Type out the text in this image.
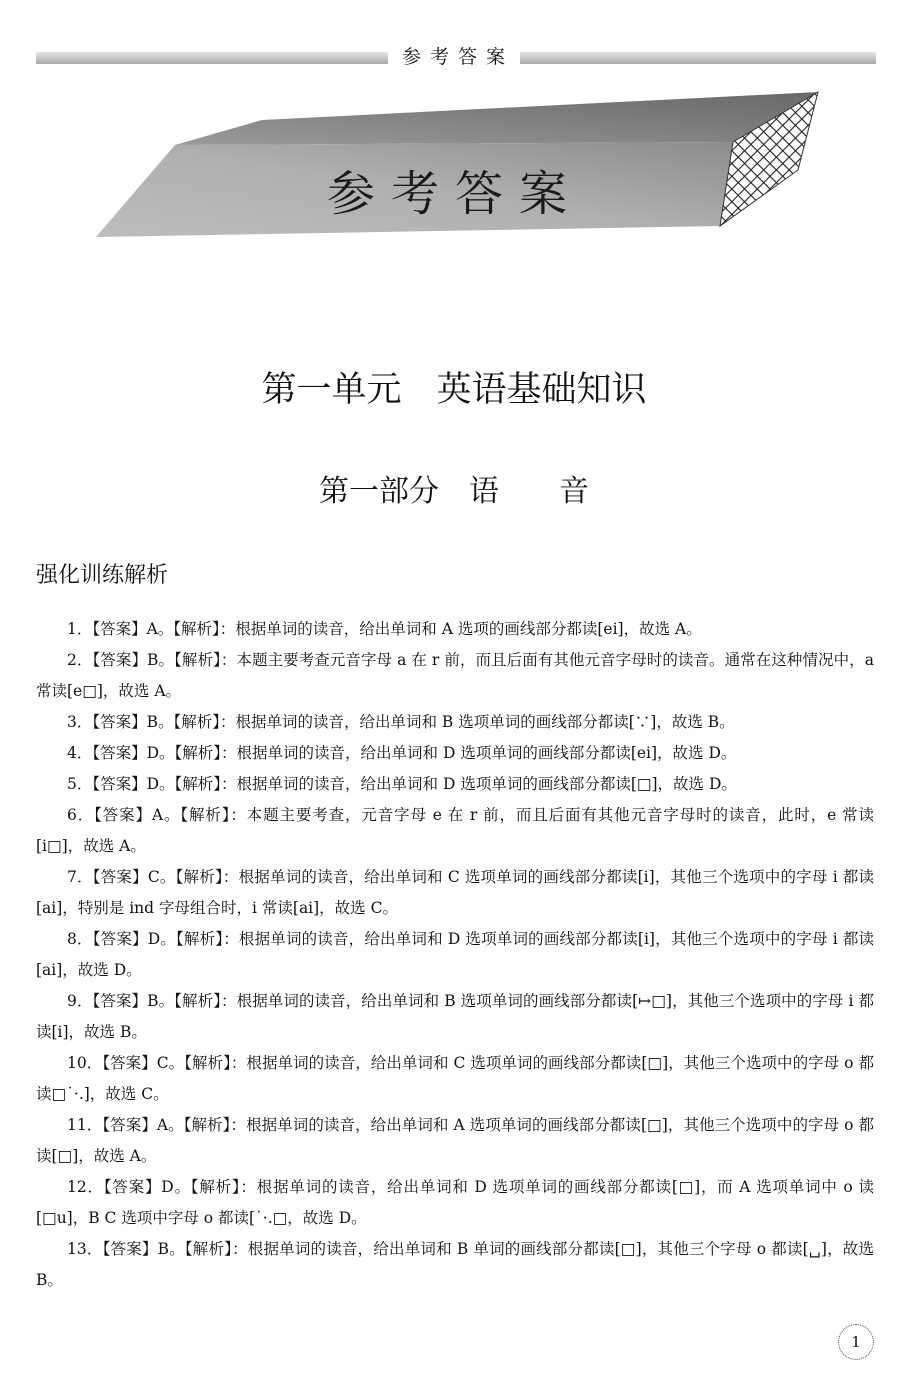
参考答案
参考答案
第一单元　英语基础知识
第一部分　语　　音
强化训练解析

1．【答案】A。【解析】：根据单词的读音，给出单词和 A 选项的画线部分都读[ei]，故选 A。

2．【答案】B。【解析】：本题主要考查元音字母 a 在 r 前，而且后面有其他元音字母时的读音。通常在这种情况中，a 常读[e□]，故选 A。

3．【答案】B。【解析】：根据单词的读音，给出单词和 B 选项单词的画线部分都读[∵]，故选 B。

4．【答案】D。【解析】：根据单词的读音，给出单词和 D 选项单词的画线部分都读[ei]，故选 D。

5．【答案】D。【解析】：根据单词的读音，给出单词和 D 选项单词的画线部分都读[□]，故选 D。

6．【答案】A。【解析】：本题主要考查，元音字母 e 在 r 前，而且后面有其他元音字母时的读音，此时，e 常读[i□]，故选 A。

7．【答案】C。【解析】：根据单词的读音，给出单词和 C 选项单词的画线部分都读[i]，其他三个选项中的字母 i 都读[ai]，特别是 ind 字母组合时，i 常读[ai]，故选 C。

8．【答案】D。【解析】：根据单词的读音，给出单词和 D 选项单词的画线部分都读[i]，其他三个选项中的字母 i 都读[ai]，故选 D。

9．【答案】B。【解析】：根据单词的读音，给出单词和 B 选项单词的画线部分都读[↦□]，其他三个选项中的字母 i 都读[i]，故选 B。

10．【答案】C。【解析】：根据单词的读音，给出单词和 C 选项单词的画线部分都读[□]，其他三个选项中的字母 o 都读□˙·.]，故选 C。

11．【答案】A。【解析】：根据单词的读音，给出单词和 A 选项单词的画线部分都读[□]，其他三个选项中的字母 o 都读[□]，故选 A。

12．【答案】D。【解析】：根据单词的读音，给出单词和 D 选项单词的画线部分都读[□]，而 A 选项单词中 o 读[□u]，B C 选项中字母 o 都读[˙·.□，故选 D。

13．【答案】B。【解析】：根据单词的读音，给出单词和 B 单词的画线部分都读[□]，其他三个字母 o 都读[␣]，故选 B。

1
